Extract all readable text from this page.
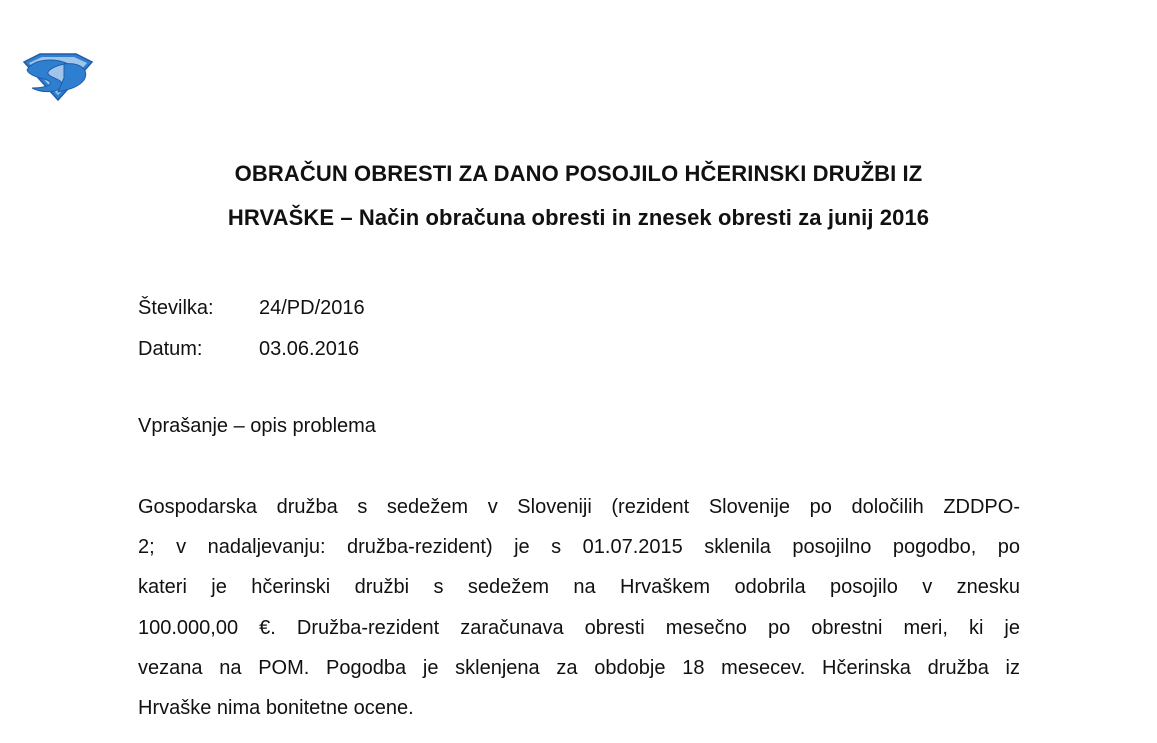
OBRAČUN OBRESTI ZA DANO POSOJILO HČERINSKI DRUŽBI IZ
HRVAŠKE – Način obračuna obresti in znesek obresti za junij 2016
Številka:	24/PD/2016
Datum:	03.06.2016
Vprašanje – opis problema
Gospodarska družba s sedežem v Sloveniji (rezident Slovenije po določilih ZDDPO-
2; v nadaljevanju: družba-rezident) je s 01.07.2015 sklenila posojilno pogodbo, po
kateri je hčerinski družbi s sedežem na Hrvaškem odobrila posojilo v znesku
100.000,00 €. Družba-rezident zaračunava obresti mesečno po obrestni meri, ki je
vezana na POM. Pogodba je sklenjena za obdobje 18 mesecev. Hčerinska družba iz
Hrvaške nima bonitetne ocene.
